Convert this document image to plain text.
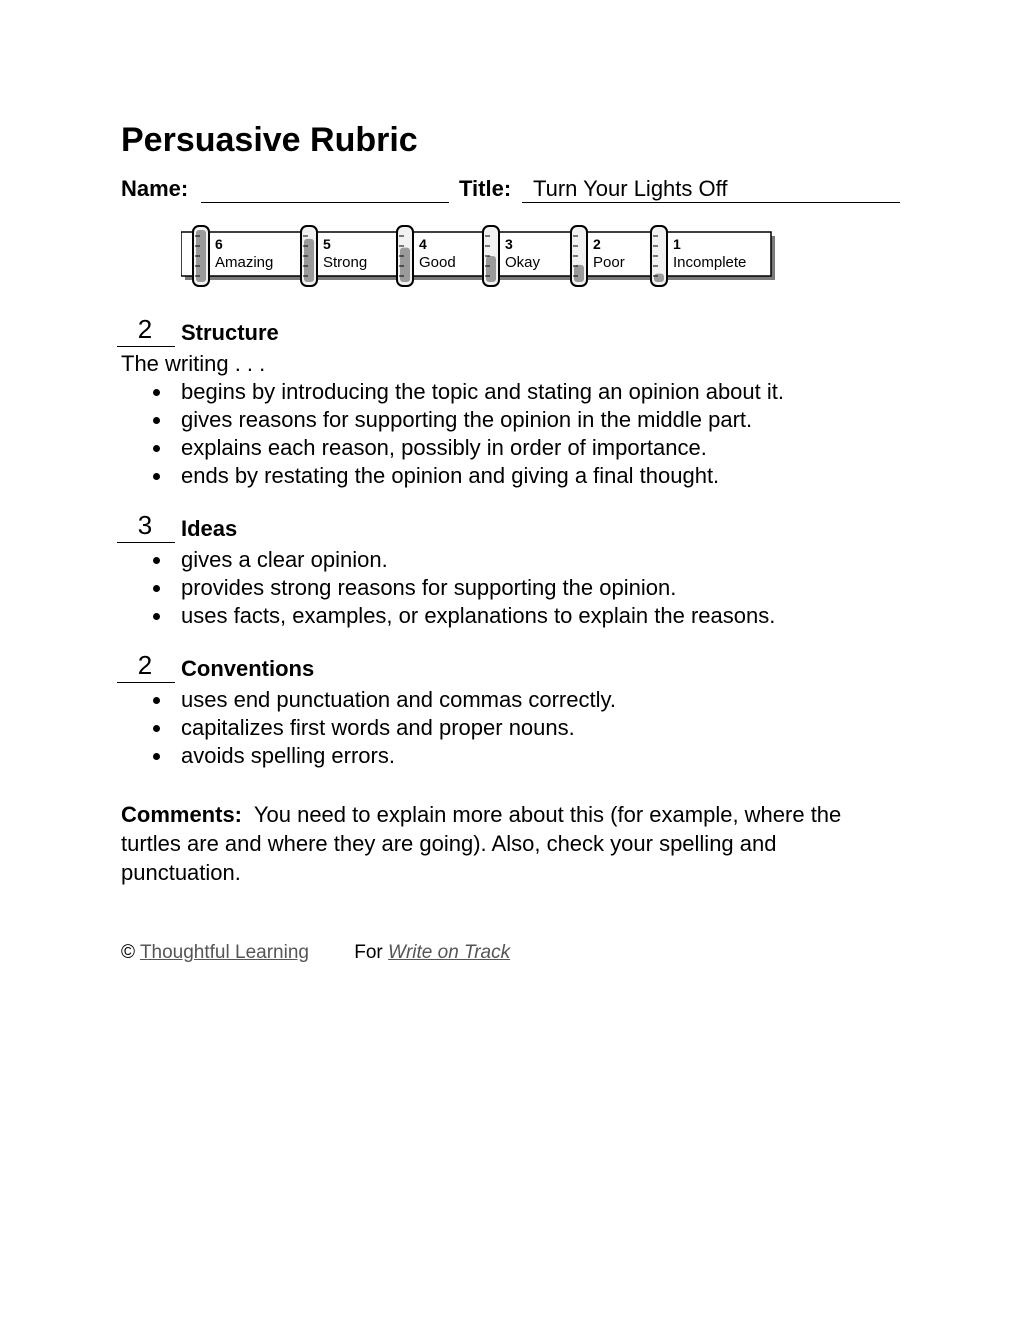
Persuasive Rubric
Name:	Title: Turn Your Lights Off
6
Amazing
5
Strong
4
Good
3
Okay
2
Poor
1
Incomplete
2	Structure

The writing . . .

begins by introducing the topic and stating an opinion about it.
gives reasons for supporting the opinion in the middle part.
explains each reason, possibly in order of importance.
ends by restating the opinion and giving a final thought.
3	Ideas
gives a clear opinion.
provides strong reasons for supporting the opinion.
uses facts, examples, or explanations to explain the reasons.
2	Conventions
uses end punctuation and commas correctly.
capitalizes first words and proper nouns.
avoids spelling errors.

Comments: You need to explain more about this (for example, where the turtles are and where they are going). Also, check your spelling and punctuation.

© Thoughtful Learning For Write on Track
